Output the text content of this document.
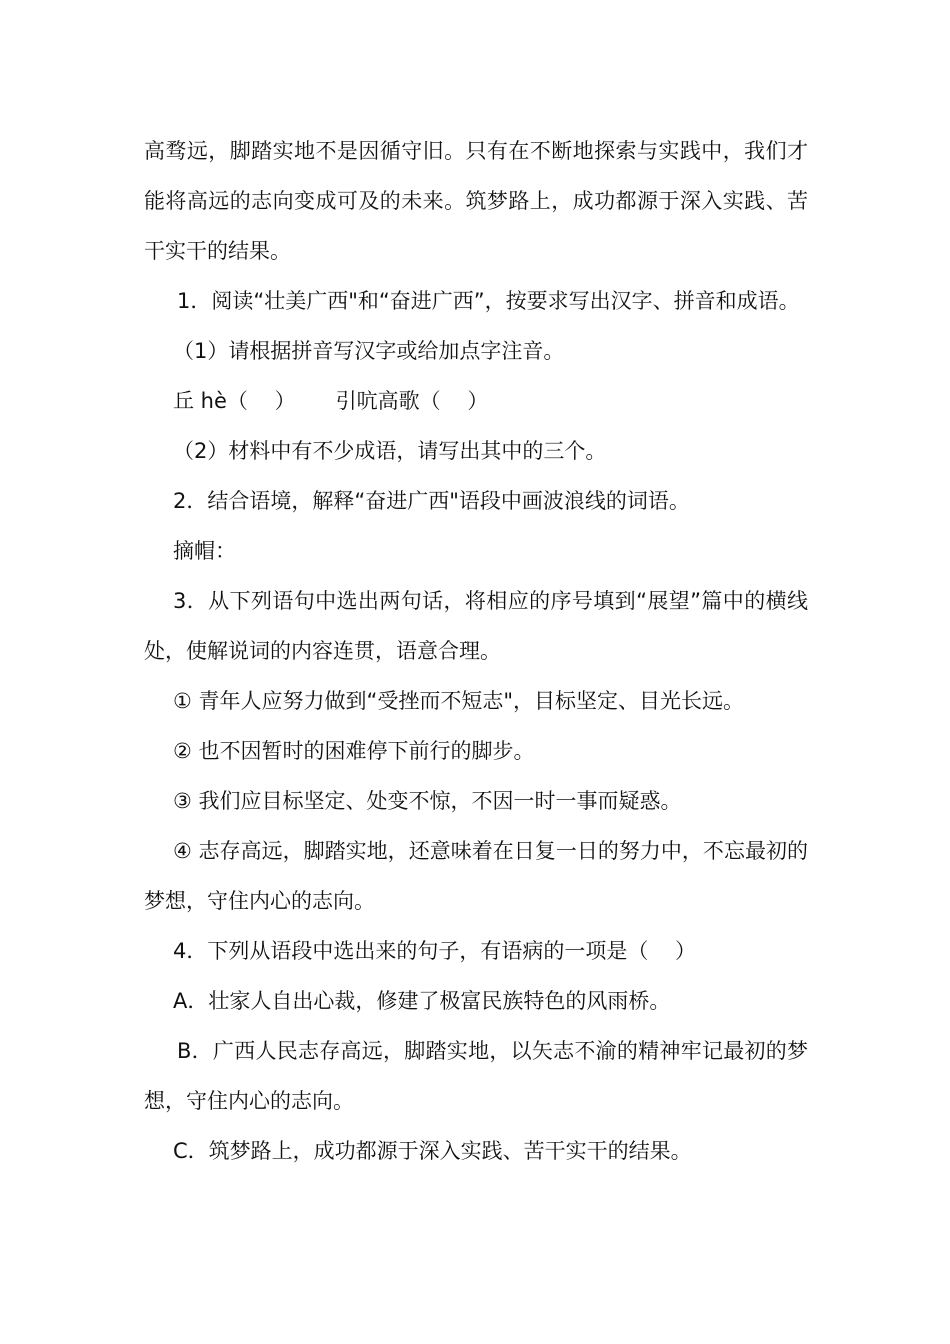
高骛远，脚踏实地不是因循守旧。只有在不断地探索与实践中，我们才能将高远的志向变成可及的未来。筑梦路上，成功都源于深入实践、苦干实干的结果。

1．阅读“壮美广西"和“奋进广西”，按要求写出汉字、拼音和成语。

（1）请根据拼音写汉字或给加点字注音。

丘 hè（    ）      引吭高歌（    ）

（2）材料中有不少成语，请写出其中的三个。

2．结合语境，解释“奋进广西"语段中画波浪线的词语。

摘帽：

3．从下列语句中选出两句话，将相应的序号填到“展望”篇中的横线处，使解说词的内容连贯，语意合理。

① 青年人应努力做到“受挫而不短志"，目标坚定、目光长远。

② 也不因暂时的困难停下前行的脚步。

③ 我们应目标坚定、处变不惊，不因一时一事而疑惑。

④ 志存高远，脚踏实地，还意味着在日复一日的努力中，不忘最初的梦想，守住内心的志向。

4．下列从语段中选出来的句子，有语病的一项是（    ）

A．壮家人自出心裁，修建了极富民族特色的风雨桥。

B．广西人民志存高远，脚踏实地，以矢志不渝的精神牢记最初的梦想，守住内心的志向。

C．筑梦路上，成功都源于深入实践、苦干实干的结果。
